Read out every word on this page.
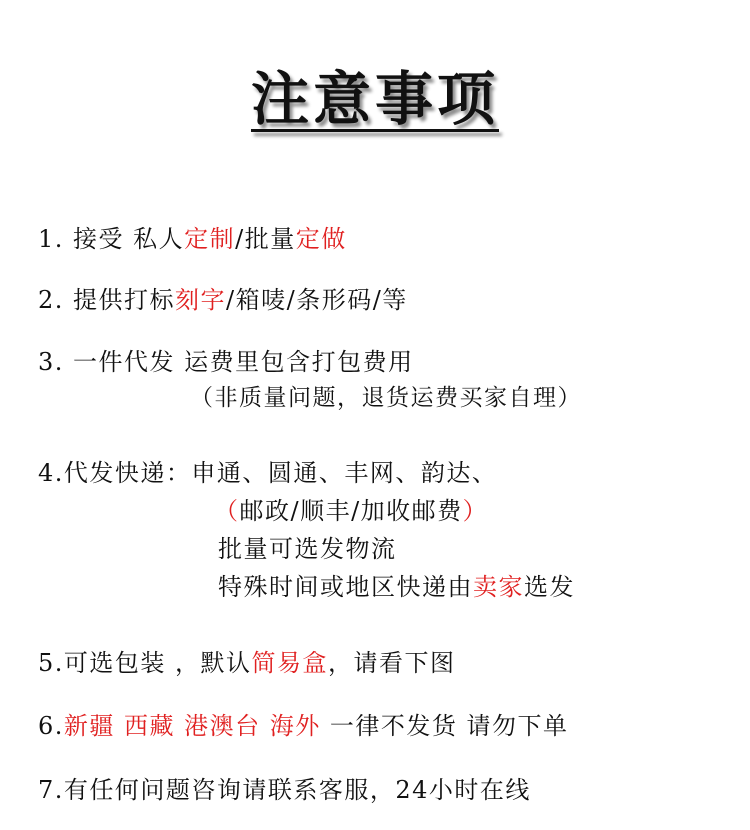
注意事项
1. 接受 私人定制/批量定做
2. 提供打标刻字/箱唛/条形码/等
3. 一件代发 运费里包含打包费用
（非质量问题，退货运费买家自理）
4.代发快递：申通、圆通、丰网、韵达、
（邮政/顺丰/加收邮费）
批量可选发物流
特殊时间或地区快递由卖家选发
5.可选包装 ，默认简易盒，请看下图
6.新疆 西藏 港澳台 海外 一律不发货 请勿下单
7.有任何问题咨询请联系客服，24小时在线
